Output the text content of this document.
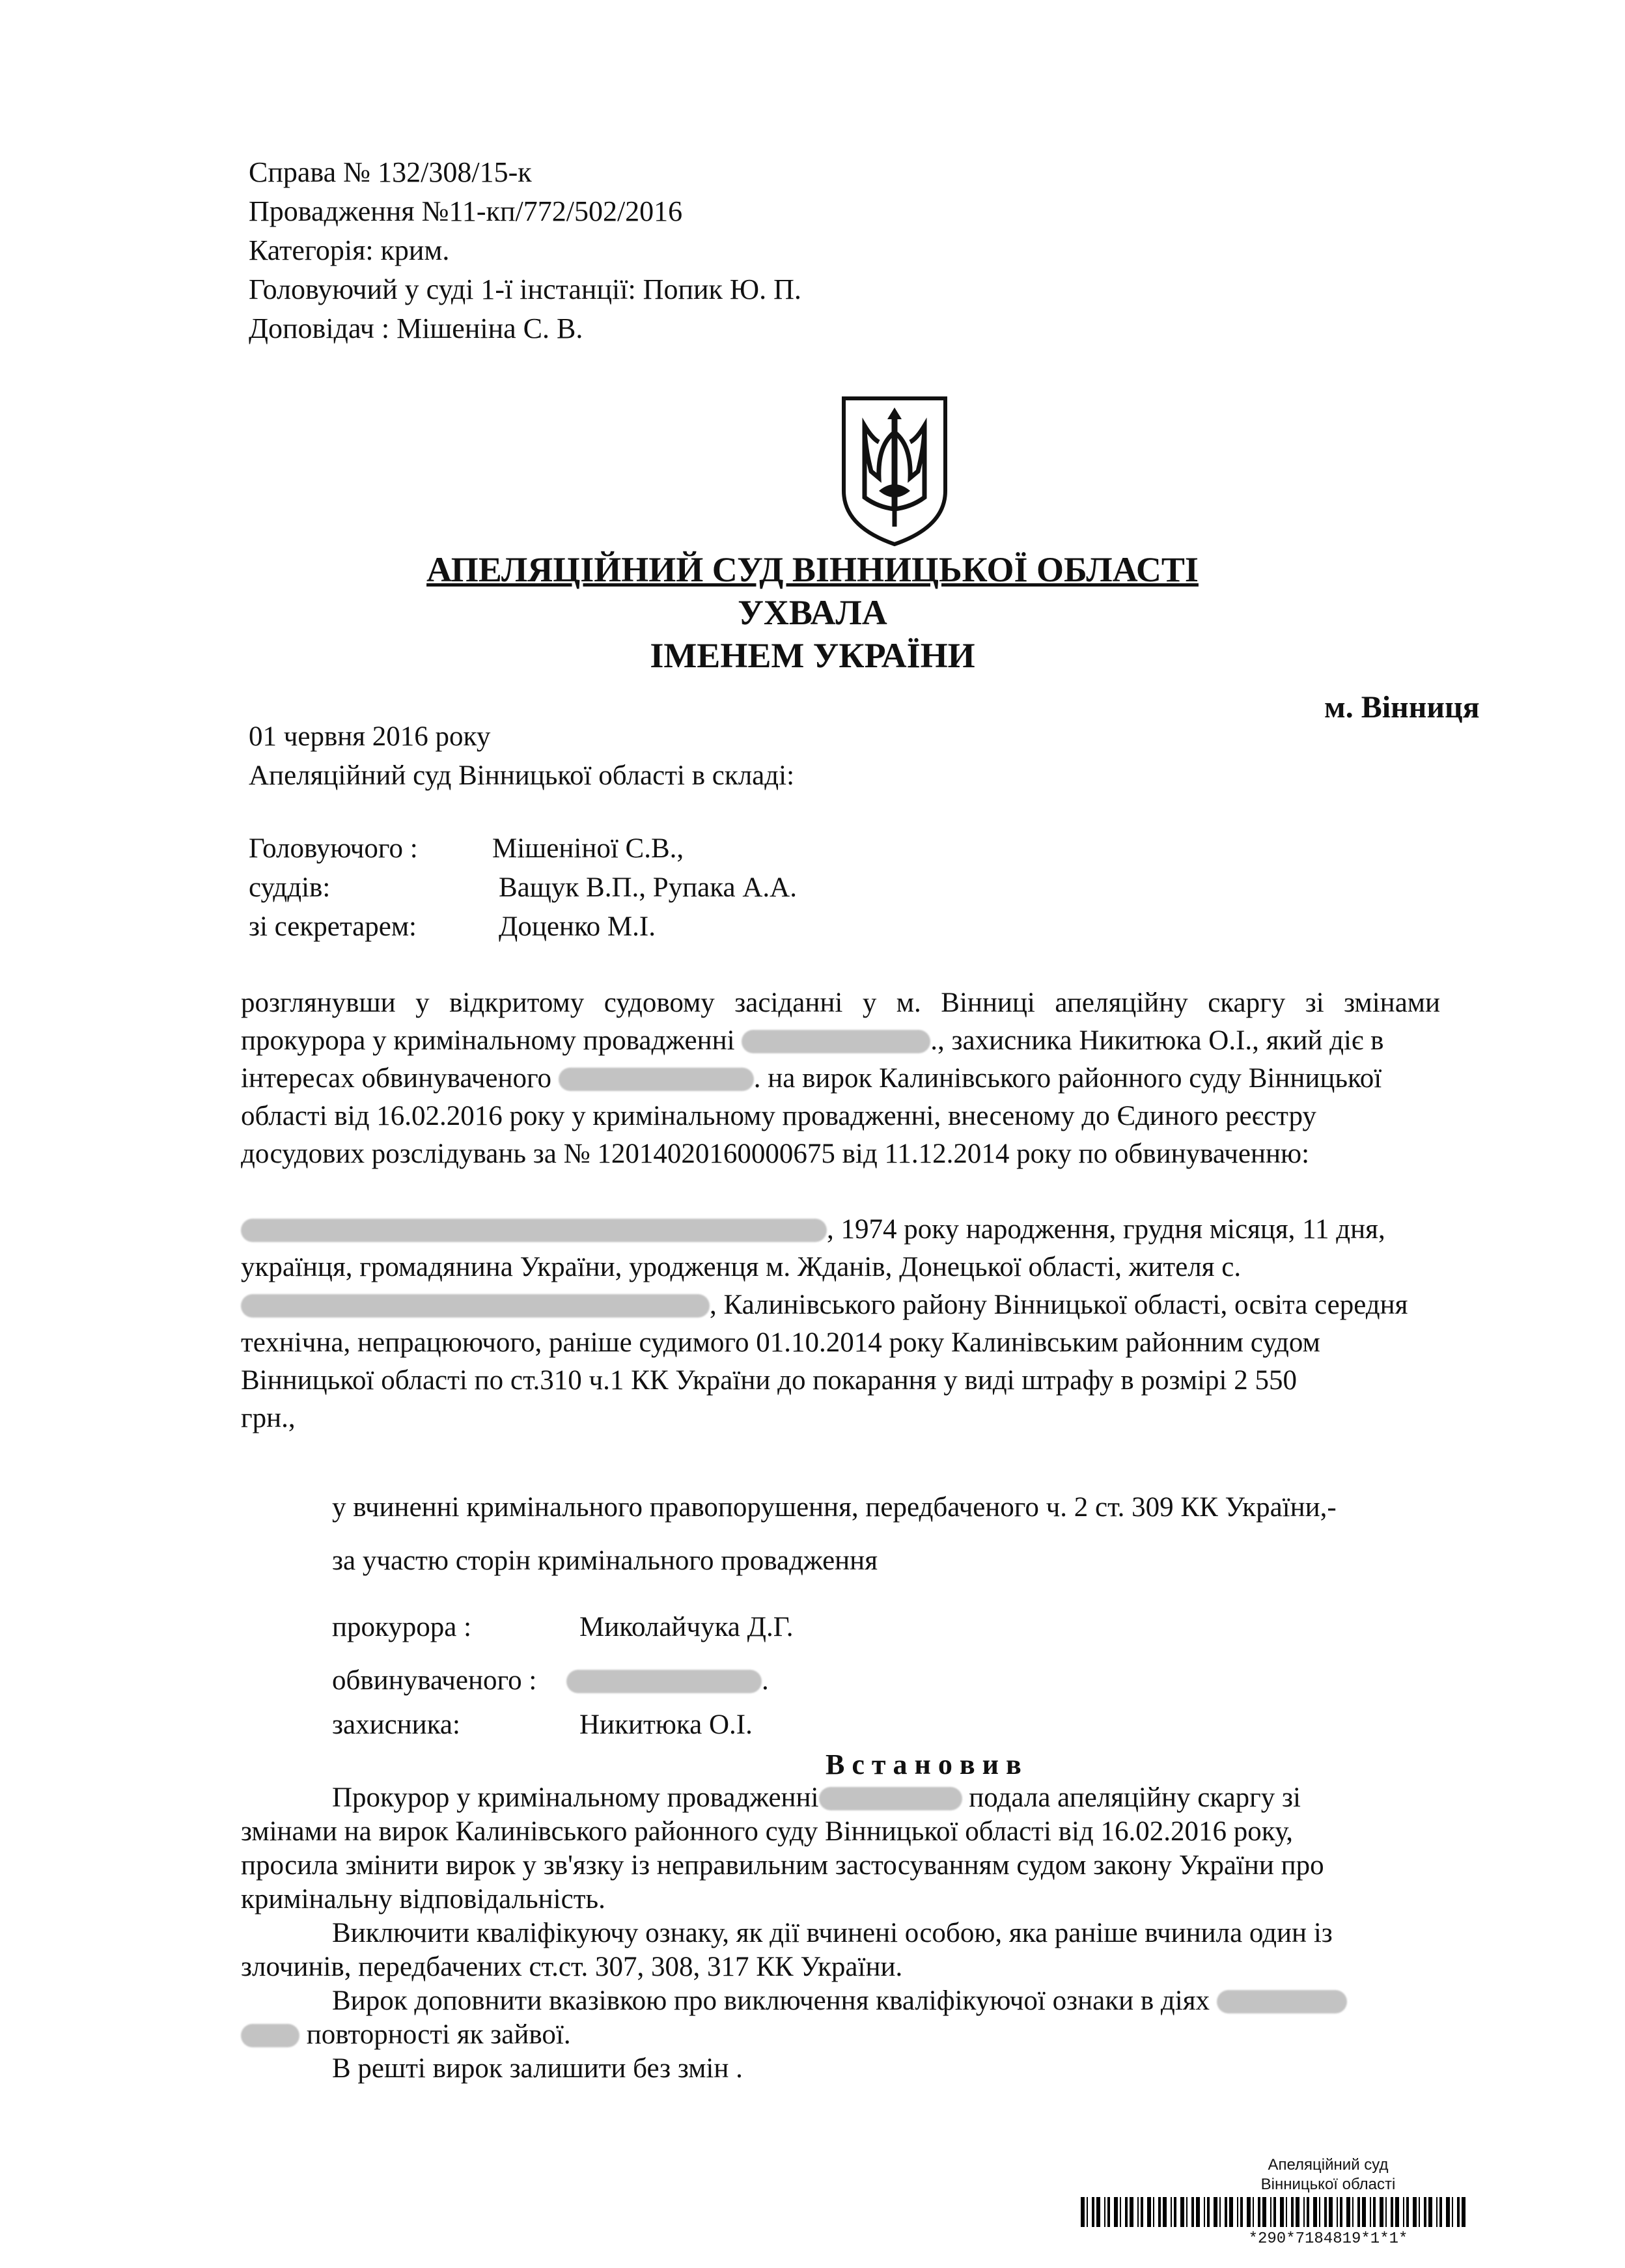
Справа № 132/308/15-к
Провадження №11-кп/772/502/2016
Категорія: крим.
Головуючий у суді 1-ї інстанції: Попик Ю. П.
Доповідач : Мішеніна С. В.
АПЕЛЯЦІЙНИЙ СУД ВІННИЦЬКОЇ ОБЛАСТІ
УХВАЛА
ІМЕНЕМ УКРАЇНИ
м. Вінниця
01 червня 2016 року
Апеляційний суд Вінницької області в складі:
Головуючого :	Мішеніної С.В.,
суддів:	Ващук В.П., Рупака А.А.
зі секретарем:	Доценко М.І.
розглянувши у відкритому судовому засіданні у м. Вінниці апеляційну скаргу зі змінами
прокурора у кримінальному провадженні	., захисника Никитюка О.І., який діє в
інтересах обвинуваченого	. на вирок Калинівського районного суду Вінницької
області від 16.02.2016 року у кримінальному провадженні, внесеному до Єдиного реєстру
досудових розслідувань за № 12014020160000675 від 11.12.2014 року по обвинуваченню:
, 1974 року народження, грудня місяця, 11 дня,
українця, громадянина України, уродженця м. Жданів, Донецької області, жителя с.
, Калинівського району Вінницької області, освіта середня
технічна, непрацюючого, раніше судимого 01.10.2014 року Калинівським районним судом
Вінницької області по ст.310 ч.1 КК України до покарання у виді штрафу в розмірі 2 550
грн.,
у вчиненні кримінального правопорушення, передбаченого ч. 2 ст. 309 КК України,-
за участю сторін кримінального провадження
прокурора :	Миколайчука Д.Г.
обвинуваченого :	.
захисника:	Никитюка О.І.
В с т а н о в и в
Прокурор у кримінальному провадженні	подала апеляційну скаргу зі
змінами на вирок Калинівського районного суду Вінницької області від 16.02.2016 року,
просила змінити вирок у зв'язку із неправильним застосуванням судом закону України про
кримінальну відповідальність.
Виключити кваліфікуючу ознаку, як дії вчинені особою, яка раніше вчинила один із
злочинів, передбачених ст.ст. 307, 308, 317 КК України.
Вирок доповнити вказівкою про виключення кваліфікуючої ознаки в діях
повторності як зайвої.
В решті вирок залишити без змін .
Апеляційний суд
Вінницької області
*290*7184819*1*1*
